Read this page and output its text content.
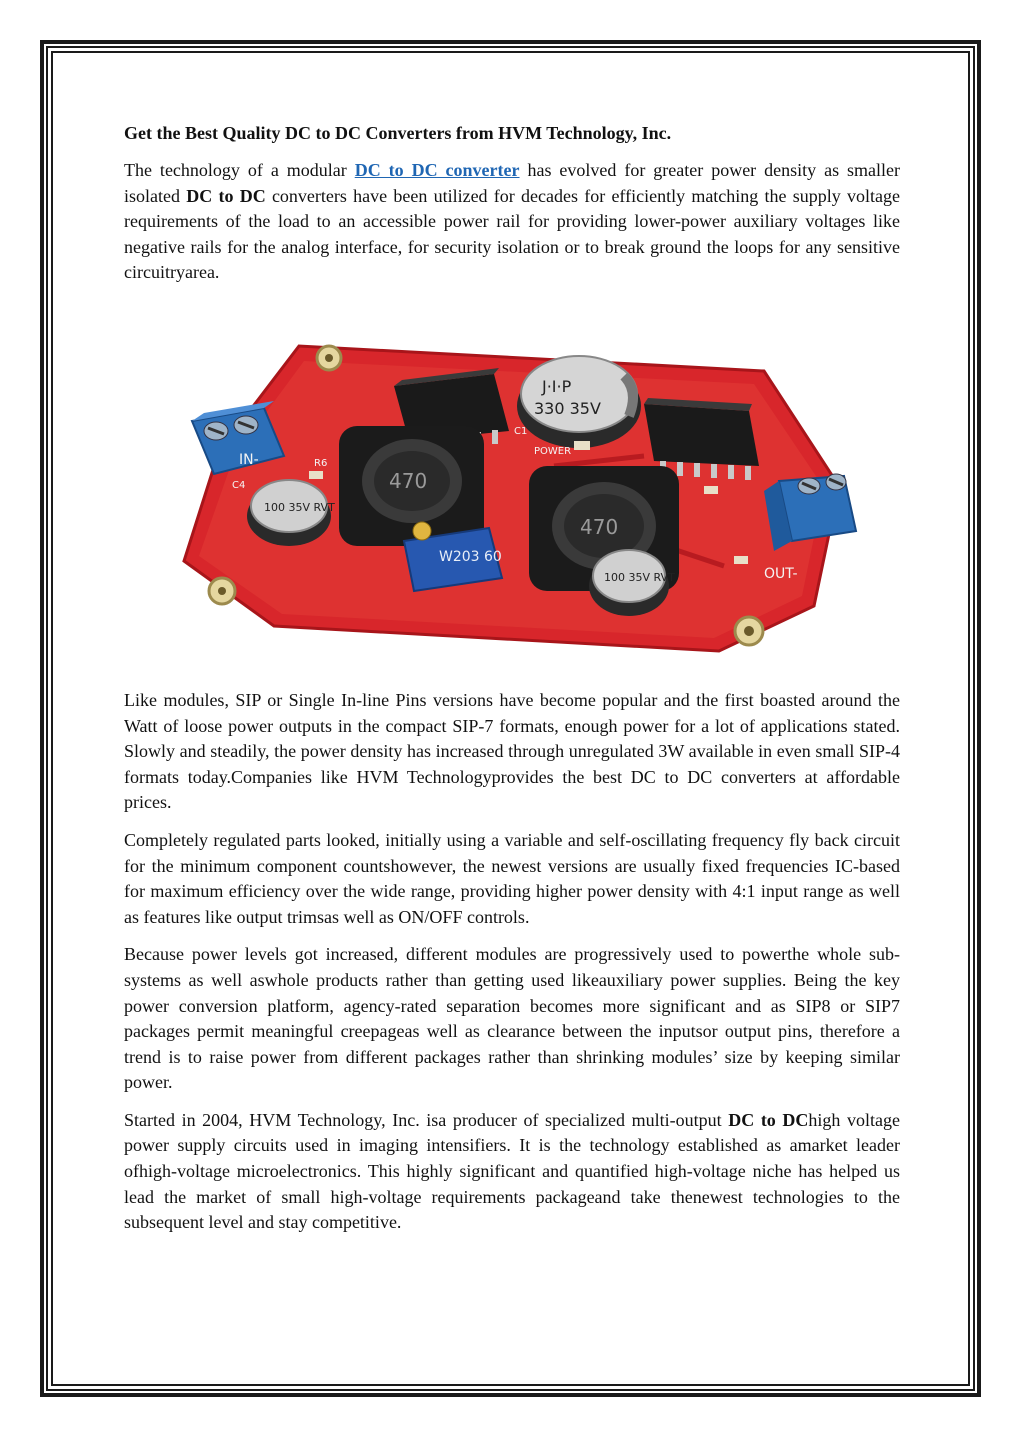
Get the Best Quality DC to DC Converters from HVM Technology, Inc.

The technology of a modular DC to DC converter has evolved for greater power density as smaller isolated DC to DC converters have been utilized for decades for efficiently matching the supply voltage requirements of the load to an accessible power rail for providing lower-power auxiliary voltages like negative rails for the analog interface, for security isolation or to break ground the loops for any sensitive circuitryarea.

J·I·P
330 35V
470
470
W203 60
100 35V RVT
100 35V RVT
IN-
OUT-
POWER
C1
R6
C4

Like modules, SIP or Single In-line Pins versions have become popular and the first boasted around the Watt of loose power outputs in the compact SIP-7 formats, enough power for a lot of applications stated. Slowly and steadily, the power density has increased through unregulated 3W available in even small SIP-4 formats today.Companies like HVM Technologyprovides the best DC to DC converters at affordable prices.

Completely regulated parts looked, initially using a variable and self-oscillating frequency fly back circuit for the minimum component countshowever, the newest versions are usually fixed frequencies IC-based for maximum efficiency over the wide range, providing higher power density with 4:1 input range as well as features like output trimsas well as ON/OFF controls.

Because power levels got increased, different modules are progressively used to powerthe whole sub-systems as well aswhole products rather than getting used likeauxiliary power supplies. Being the key power conversion platform, agency-rated separation becomes more significant and as SIP8 or SIP7 packages permit meaningful creepageas well as clearance between the inputsor output pins, therefore a trend is to raise power from different packages rather than shrinking modules’ size by keeping similar power.

Started in 2004, HVM Technology, Inc. isa producer of specialized multi-output DC to DChigh voltage power supply circuits used in imaging intensifiers. It is the technology established as amarket leader ofhigh-voltage microelectronics. This highly significant and quantified high-voltage niche has helped us lead the market of small high-voltage requirements packageand take thenewest technologies to the subsequent level and stay competitive.
